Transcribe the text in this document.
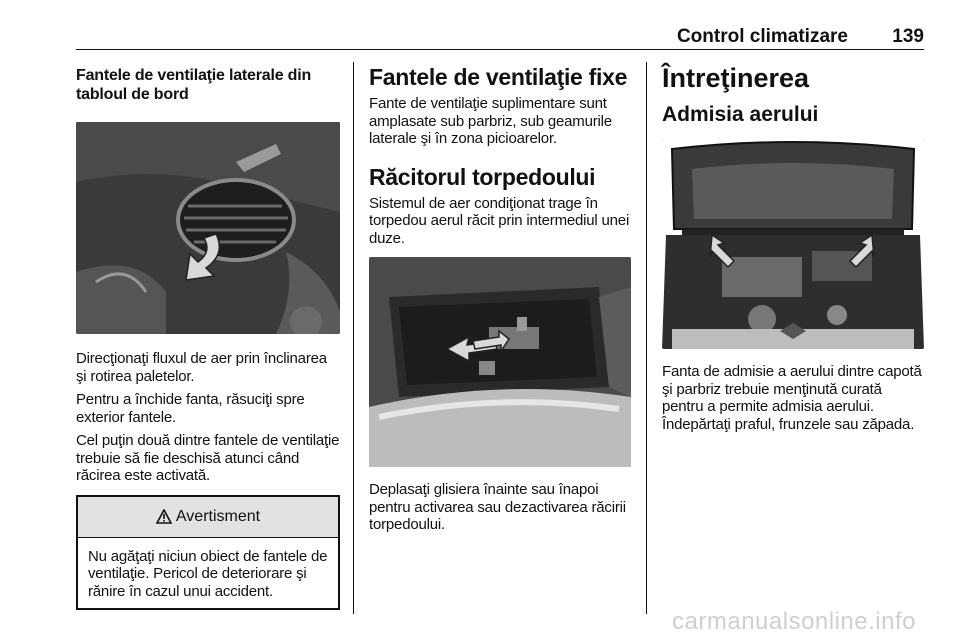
Control climatizare 139
Fantele de ventilaţie laterale din tabloul de bord

Direcţionaţi fluxul de aer prin înclinarea şi rotirea paletelor.

Pentru a închide fanta, răsuciţi spre exterior fantele.

Cel puţin două dintre fantele de ventilaţie trebuie să fie deschisă atunci când răcirea este activată.

Avertisment

Nu agăţaţi niciun obiect de fantele de ventilaţie. Pericol de deteriorare şi rănire în cazul unui accident.

Fantele de ventilaţie fixe

Fante de ventilaţie suplimentare sunt amplasate sub parbriz, sub geamurile laterale şi în zona picioarelor.

Răcitorul torpedoului

Sistemul de aer condiţionat trage în torpedou aerul răcit prin intermediul unei duze.

Deplasaţi glisiera înainte sau înapoi pentru activarea sau dezactivarea răcirii torpedoului.

Întreţinerea
Admisia aerului

Fanta de admisie a aerului dintre capotă şi parbriz trebuie menţinută curată pentru a permite admisia aerului. Îndepărtaţi praful, frunzele sau zăpada.

carmanualsonline.info
